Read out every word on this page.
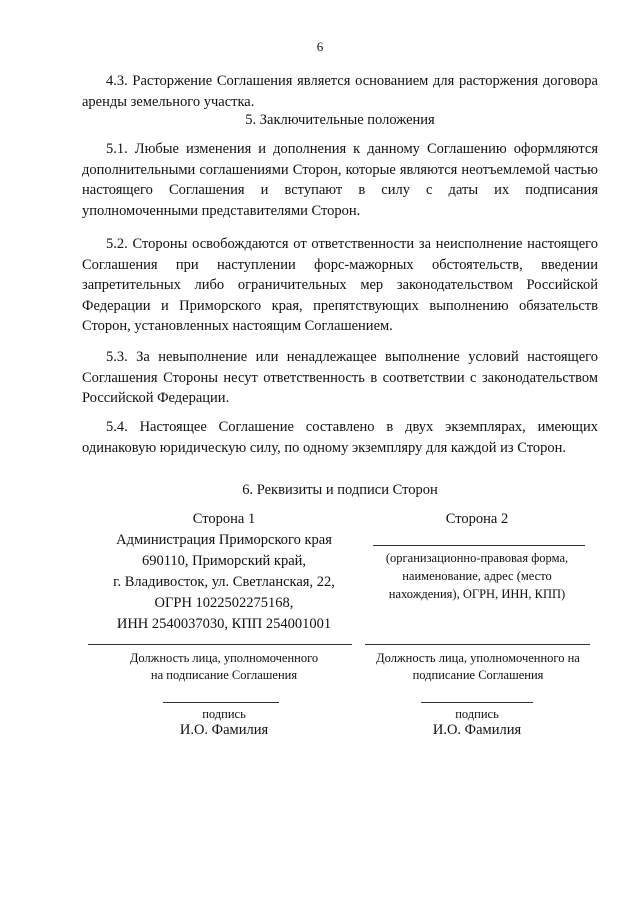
6

4.3. Расторжение Соглашения является основанием для расторжения договора аренды земельного участка.

5. Заключительные положения

5.1. Любые изменения и дополнения к данному Соглашению оформляются дополнительными соглашениями Сторон, которые являются неотъемлемой частью настоящего Соглашения и вступают в силу с даты их подписания уполномоченными представителями Сторон.

5.2. Стороны освобождаются от ответственности за неисполнение настоящего Соглашения при наступлении форс-мажорных обстоятельств, введении запретительных либо ограничительных мер законодательством Российской Федерации и Приморского края, препятствующих выполнению обязательств Сторон, установленных настоящим Соглашением.

5.3. За невыполнение или ненадлежащее выполнение условий настоящего Соглашения Стороны несут ответственность в соответствии с законодательством Российской Федерации.

5.4. Настоящее Соглашение составлено в двух экземплярах, имеющих одинаковую юридическую силу, по одному экземпляру для каждой из Сторон.

6. Реквизиты и подписи Сторон
Сторона 1
Администрация Приморского края
690110, Приморский край,
г. Владивосток, ул. Светланская, 22,
ОГРН 1022502275168,
ИНН 2540037030, КПП 254001001
Должность лица, уполномоченного
на подписание Соглашения
подпись
И.О. Фамилия
Сторона 2
(организационно-правовая форма,
наименование, адрес (место
нахождения), ОГРН, ИНН, КПП)
Должность лица, уполномоченного на
подписание Соглашения
подпись
И.О. Фамилия
